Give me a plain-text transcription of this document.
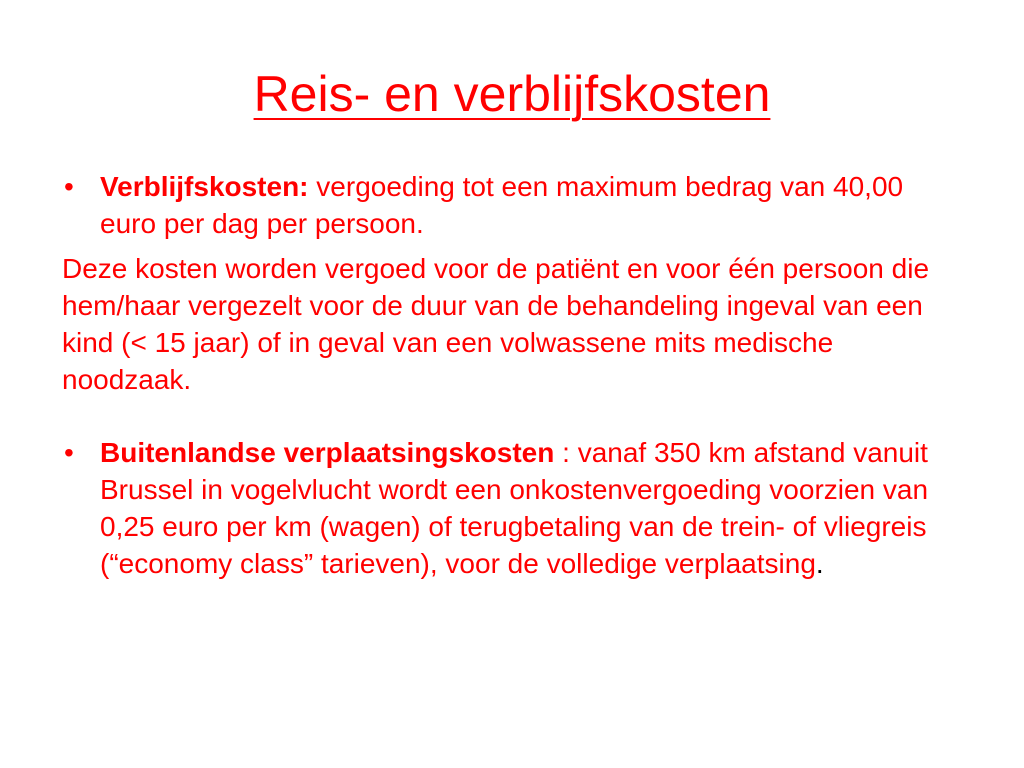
Reis- en verblijfskosten

• Verblijfskosten: vergoeding tot een maximum bedrag van 40,00 euro per dag per persoon.

Deze kosten worden vergoed voor de patiënt en voor één persoon die hem/haar vergezelt voor de duur van de behandeling ingeval van een kind (< 15 jaar) of in geval van een volwassene mits medische noodzaak.

• Buitenlandse verplaatsingskosten : vanaf 350 km afstand vanuit Brussel in vogelvlucht wordt een onkostenvergoeding voorzien van 0,25 euro per km (wagen) of terugbetaling van de trein- of vliegreis (“economy class” tarieven), voor de volledige verplaatsing.
